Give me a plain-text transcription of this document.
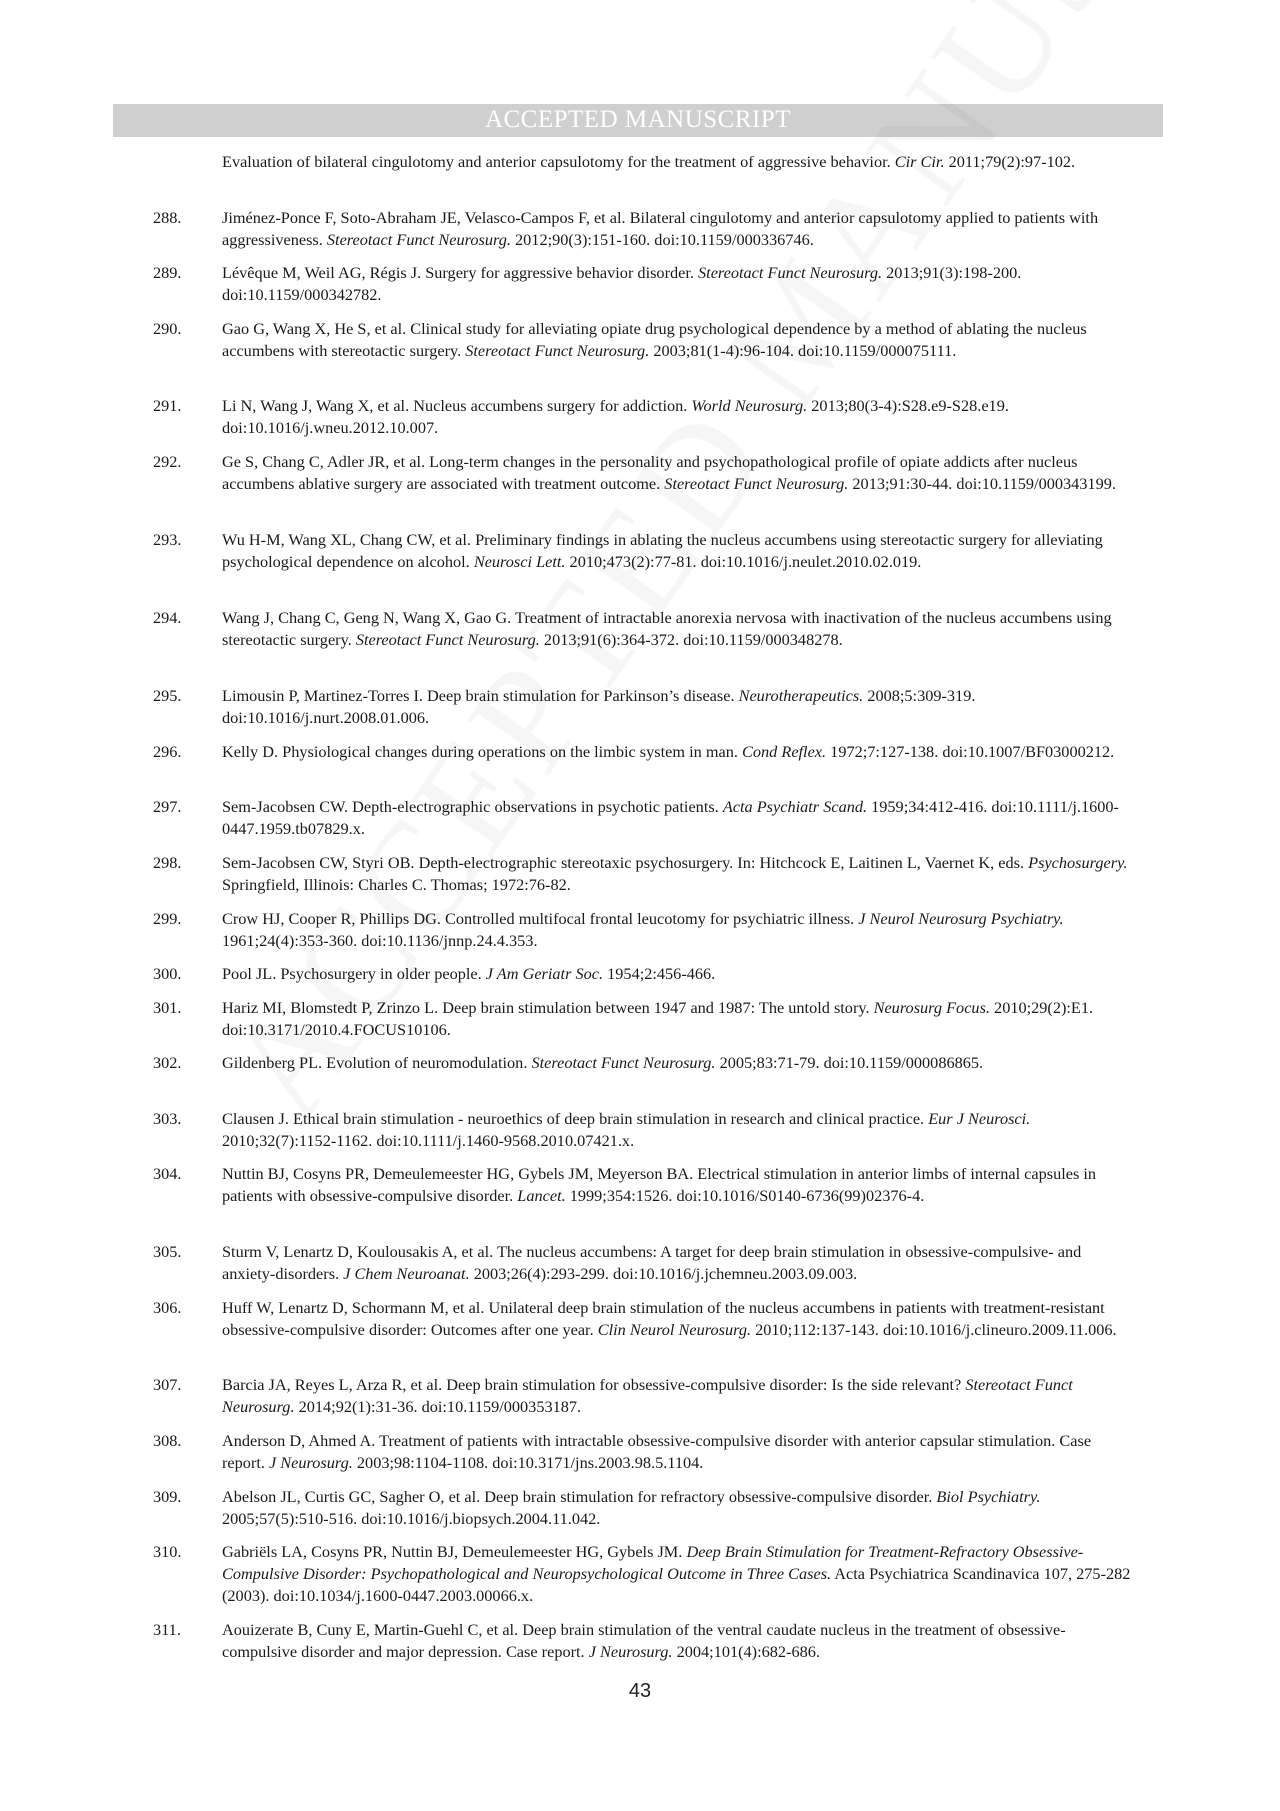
ACCEPTED MANUSCRIPT
Evaluation of bilateral cingulotomy and anterior capsulotomy for the treatment of aggressive behavior. Cir Cir. 2011;79(2):97-102.
288.	Jiménez-Ponce F, Soto-Abraham JE, Velasco-Campos F, et al. Bilateral cingulotomy and anterior capsulotomy applied to patients with aggressiveness. Stereotact Funct Neurosurg. 2012;90(3):151-160. doi:10.1159/000336746.
289.	Lévêque M, Weil AG, Régis J. Surgery for aggressive behavior disorder. Stereotact Funct Neurosurg. 2013;91(3):198-200. doi:10.1159/000342782.
290.	Gao G, Wang X, He S, et al. Clinical study for alleviating opiate drug psychological dependence by a method of ablating the nucleus accumbens with stereotactic surgery. Stereotact Funct Neurosurg. 2003;81(1-4):96-104. doi:10.1159/000075111.
291.	Li N, Wang J, Wang X, et al. Nucleus accumbens surgery for addiction. World Neurosurg. 2013;80(3-4):S28.e9-S28.e19. doi:10.1016/j.wneu.2012.10.007.
292.	Ge S, Chang C, Adler JR, et al. Long-term changes in the personality and psychopathological profile of opiate addicts after nucleus accumbens ablative surgery are associated with treatment outcome. Stereotact Funct Neurosurg. 2013;91:30-44. doi:10.1159/000343199.
293.	Wu H-M, Wang XL, Chang CW, et al. Preliminary findings in ablating the nucleus accumbens using stereotactic surgery for alleviating psychological dependence on alcohol. Neurosci Lett. 2010;473(2):77-81. doi:10.1016/j.neulet.2010.02.019.
294.	Wang J, Chang C, Geng N, Wang X, Gao G. Treatment of intractable anorexia nervosa with inactivation of the nucleus accumbens using stereotactic surgery. Stereotact Funct Neurosurg. 2013;91(6):364-372. doi:10.1159/000348278.
295.	Limousin P, Martinez-Torres I. Deep brain stimulation for Parkinson’s disease. Neurotherapeutics. 2008;5:309-319. doi:10.1016/j.nurt.2008.01.006.
296.	Kelly D. Physiological changes during operations on the limbic system in man. Cond Reflex. 1972;7:127-138. doi:10.1007/BF03000212.
297.	Sem-Jacobsen CW. Depth-electrographic observations in psychotic patients. Acta Psychiatr Scand. 1959;34:412-416. doi:10.1111/j.1600-0447.1959.tb07829.x.
298.	Sem-Jacobsen CW, Styri OB. Depth-electrographic stereotaxic psychosurgery. In: Hitchcock E, Laitinen L, Vaernet K, eds. Psychosurgery. Springfield, Illinois: Charles C. Thomas; 1972:76-82.
299.	Crow HJ, Cooper R, Phillips DG. Controlled multifocal frontal leucotomy for psychiatric illness. J Neurol Neurosurg Psychiatry. 1961;24(4):353-360. doi:10.1136/jnnp.24.4.353.
300.	Pool JL. Psychosurgery in older people. J Am Geriatr Soc. 1954;2:456-466.
301.	Hariz MI, Blomstedt P, Zrinzo L. Deep brain stimulation between 1947 and 1987: The untold story. Neurosurg Focus. 2010;29(2):E1. doi:10.3171/2010.4.FOCUS10106.
302.	Gildenberg PL. Evolution of neuromodulation. Stereotact Funct Neurosurg. 2005;83:71-79. doi:10.1159/000086865.
303.	Clausen J. Ethical brain stimulation - neuroethics of deep brain stimulation in research and clinical practice. Eur J Neurosci. 2010;32(7):1152-1162. doi:10.1111/j.1460-9568.2010.07421.x.
304.	Nuttin BJ, Cosyns PR, Demeulemeester HG, Gybels JM, Meyerson BA. Electrical stimulation in anterior limbs of internal capsules in patients with obsessive-compulsive disorder. Lancet. 1999;354:1526. doi:10.1016/S0140-6736(99)02376-4.
305.	Sturm V, Lenartz D, Koulousakis A, et al. The nucleus accumbens: A target for deep brain stimulation in obsessive-compulsive- and anxiety-disorders. J Chem Neuroanat. 2003;26(4):293-299. doi:10.1016/j.jchemneu.2003.09.003.
306.	Huff W, Lenartz D, Schormann M, et al. Unilateral deep brain stimulation of the nucleus accumbens in patients with treatment-resistant obsessive-compulsive disorder: Outcomes after one year. Clin Neurol Neurosurg. 2010;112:137-143. doi:10.1016/j.clineuro.2009.11.006.
307.	Barcia JA, Reyes L, Arza R, et al. Deep brain stimulation for obsessive-compulsive disorder: Is the side relevant? Stereotact Funct Neurosurg. 2014;92(1):31-36. doi:10.1159/000353187.
308.	Anderson D, Ahmed A. Treatment of patients with intractable obsessive-compulsive disorder with anterior capsular stimulation. Case report. J Neurosurg. 2003;98:1104-1108. doi:10.3171/jns.2003.98.5.1104.
309.	Abelson JL, Curtis GC, Sagher O, et al. Deep brain stimulation for refractory obsessive-compulsive disorder. Biol Psychiatry. 2005;57(5):510-516. doi:10.1016/j.biopsych.2004.11.042.
310.	Gabriëls LA, Cosyns PR, Nuttin BJ, Demeulemeester HG, Gybels JM. Deep Brain Stimulation for Treatment-Refractory Obsessive-Compulsive Disorder: Psychopathological and Neuropsychological Outcome in Three Cases. Acta Psychiatrica Scandinavica 107, 275-282 (2003). doi:10.1034/j.1600-0447.2003.00066.x.
311.	Aouizerate B, Cuny E, Martin-Guehl C, et al. Deep brain stimulation of the ventral caudate nucleus in the treatment of obsessive-compulsive disorder and major depression. Case report. J Neurosurg. 2004;101(4):682-686.
43
